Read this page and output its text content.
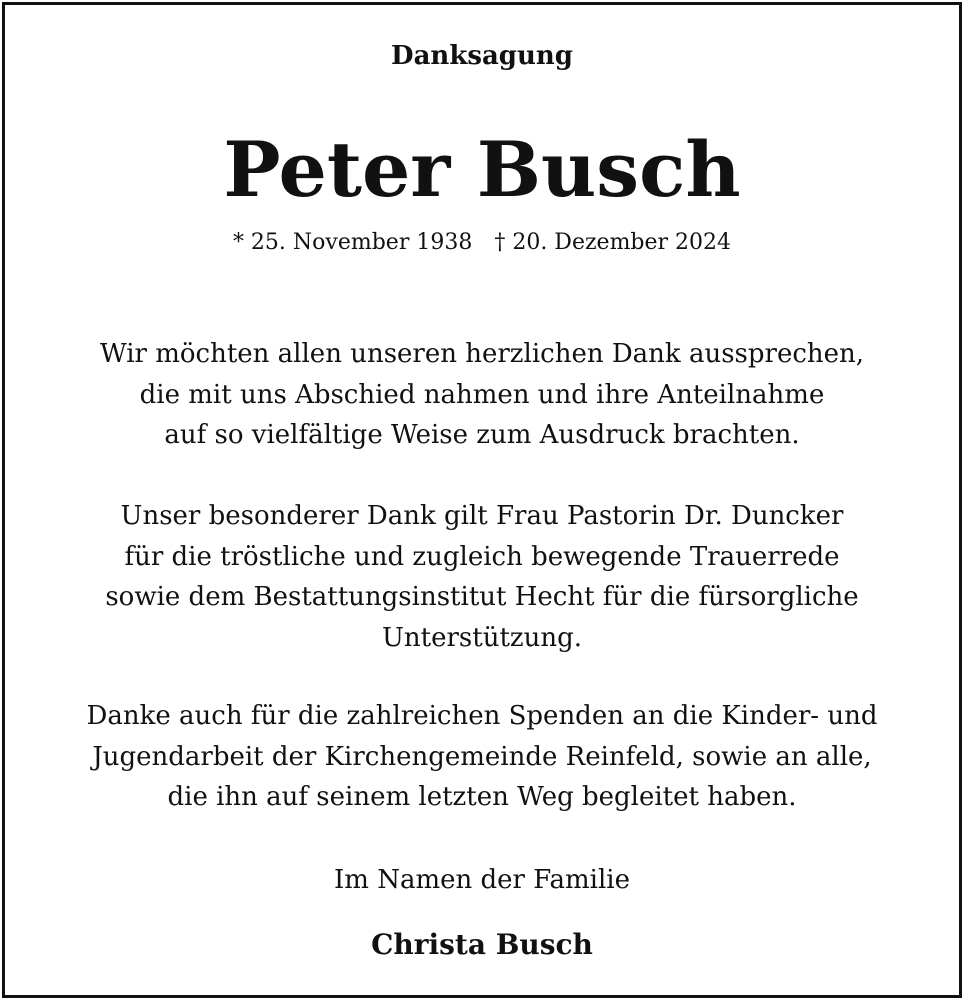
Danksagung
Peter Busch
* 25. November 1938 † 20. Dezember 2024
Wir möchten allen unseren herzlichen Dank aussprechen,
die mit uns Abschied nahmen und ihre Anteilnahme
auf so vielfältige Weise zum Ausdruck brachten.
Unser besonderer Dank gilt Frau Pastorin Dr. Duncker
für die tröstliche und zugleich bewegende Trauerrede
sowie dem Bestattungsinstitut Hecht für die fürsorgliche
Unterstützung.
Danke auch für die zahlreichen Spenden an die Kinder- und
Jugendarbeit der Kirchengemeinde Reinfeld, sowie an alle,
die ihn auf seinem letzten Weg begleitet haben.
Im Namen der Familie
Christa Busch
